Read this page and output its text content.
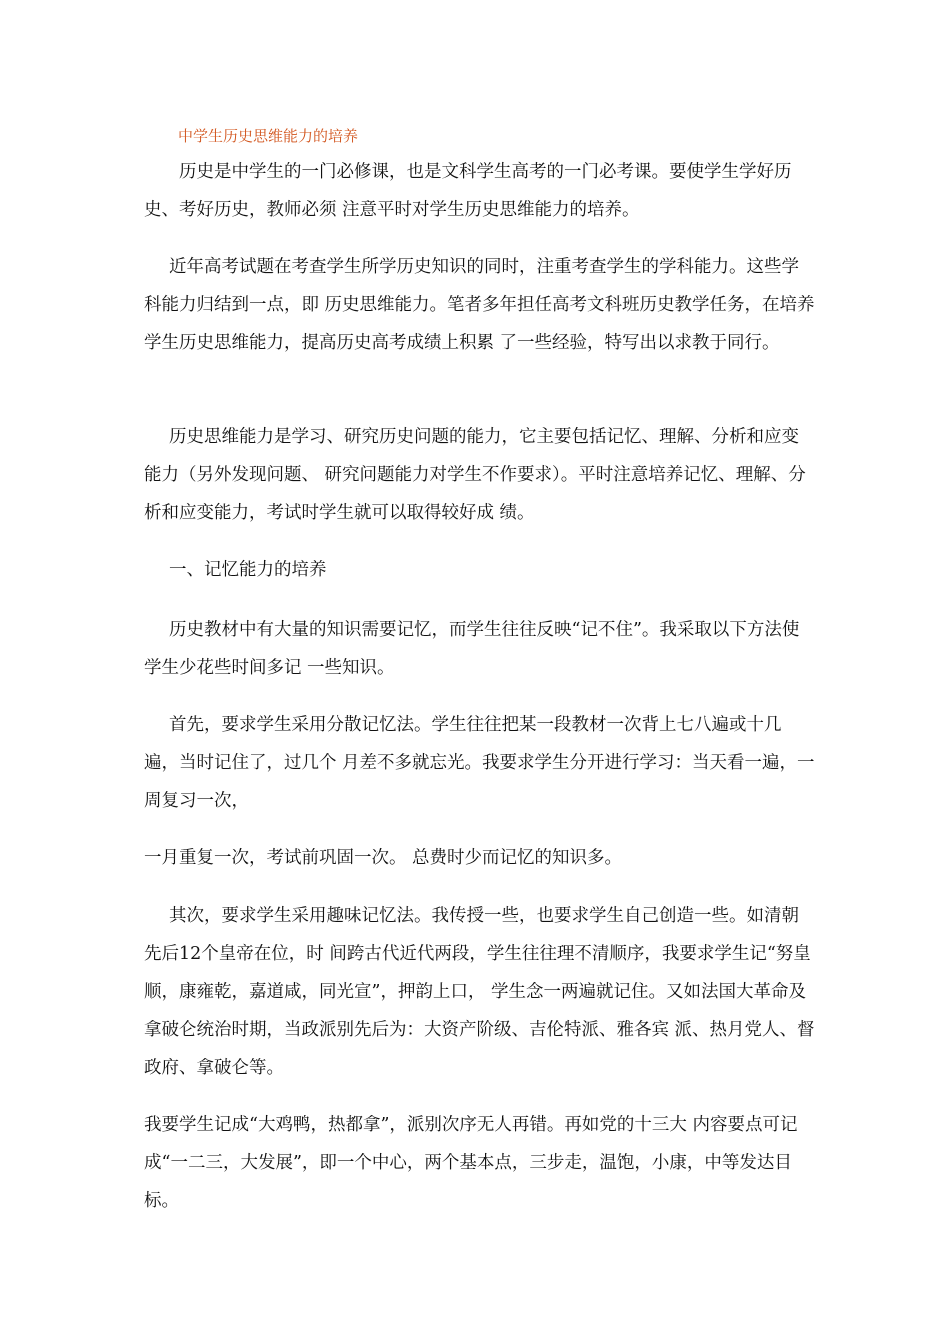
中学生历史思维能力的培养

历史是中学生的一门必修课，也是文科学生高考的一门必考课。要使学生学好历史、考好历史，教师必须 注意平时对学生历史思维能力的培养。

近年高考试题在考查学生所学历史知识的同时，注重考查学生的学科能力。这些学科能力归结到一点，即 历史思维能力。笔者多年担任高考文科班历史教学任务，在培养学生历史思维能力，提高历史高考成绩上积累 了一些经验，特写出以求教于同行。

历史思维能力是学习、研究历史问题的能力，它主要包括记忆、理解、分析和应变能力（另外发现问题、 研究问题能力对学生不作要求）。平时注意培养记忆、理解、分析和应变能力，考试时学生就可以取得较好成 绩。

一、记忆能力的培养

历史教材中有大量的知识需要记忆，而学生往往反映“记不住”。我采取以下方法使学生少花些时间多记 一些知识。

首先，要求学生采用分散记忆法。学生往往把某一段教材一次背上七八遍或十几遍，当时记住了，过几个 月差不多就忘光。我要求学生分开进行学习：当天看一遍，一周复习一次，

一月重复一次，考试前巩固一次。 总费时少而记忆的知识多。

其次，要求学生采用趣味记忆法。我传授一些，也要求学生自己创造一些。如清朝先后12个皇帝在位，时 间跨古代近代两段，学生往往理不清顺序，我要求学生记“努皇顺，康雍乾，嘉道咸，同光宣”，押韵上口， 学生念一两遍就记住。又如法国大革命及拿破仑统治时期，当政派别先后为：大资产阶级、吉伦特派、雅各宾 派、热月党人、督政府、拿破仑等。

我要学生记成“大鸡鸭，热都拿”，派别次序无人再错。再如党的十三大 内容要点可记成“一二三，大发展”，即一个中心，两个基本点，三步走，温饱，小康，中等发达目标。
